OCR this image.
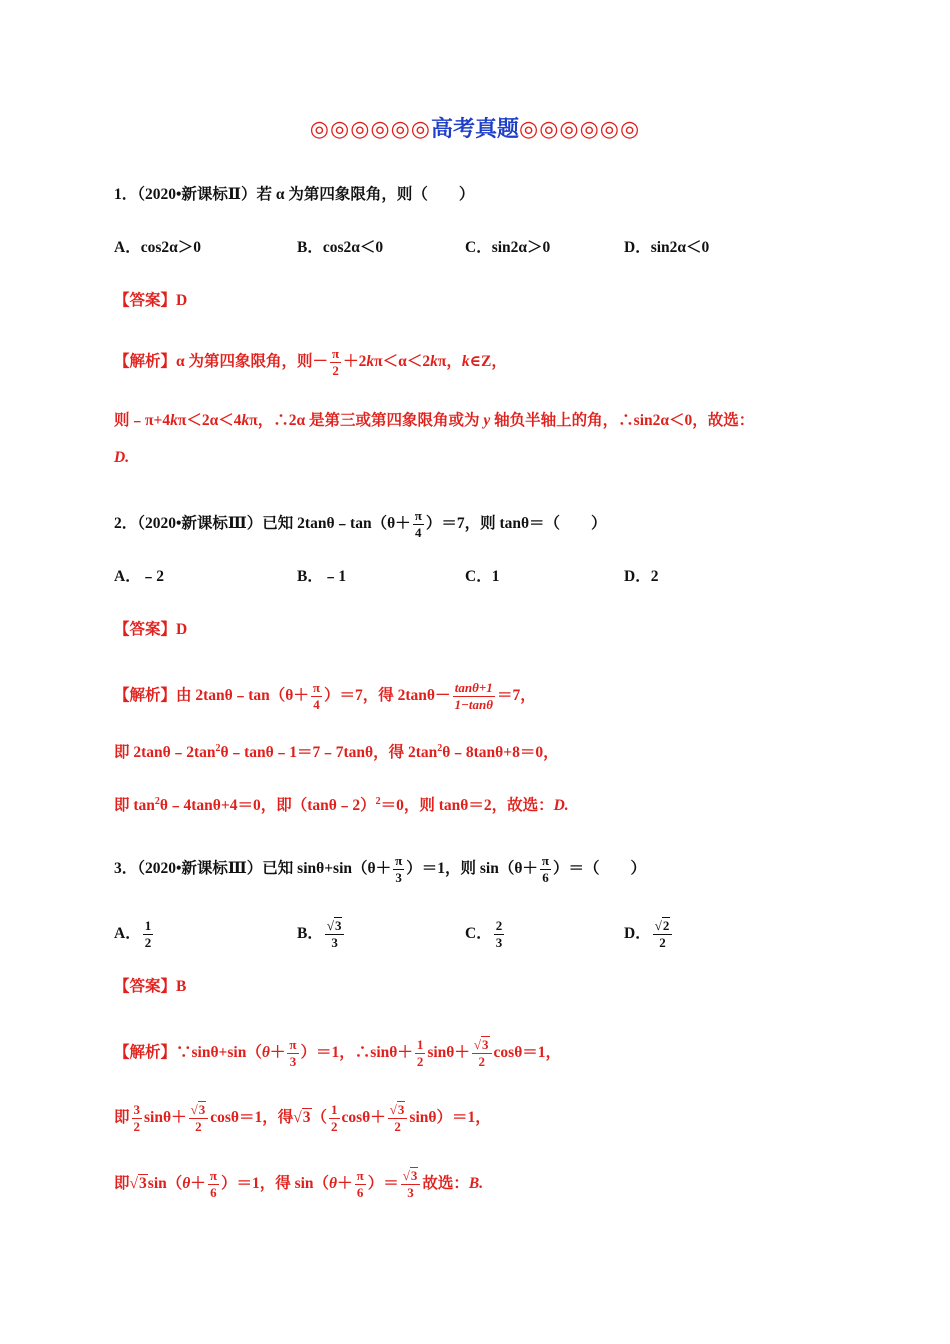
◎◎◎◎◎◎高考真题◎◎◎◎◎◎
1．（2020•新课标Ⅱ）若 α 为第四象限角，则（　　）
A．cos2α＞0	B．cos2α＜0	C．sin2α＞0	D．sin2α＜0
【答案】D
【解析】α 为第四象限角，则－ $\frac{\pi}{2} +2k\pi<\alpha<2k\pi$，k∈Z，
则﹣π+4kπ＜2α＜4kπ，∴2α 是第三或第四象限角或为 y 轴负半轴上的角，∴sin2α＜0，故选：
D.
2．（2020•新课标Ⅲ）已知 2tanθ﹣tan（θ＋ $\frac{\pi}{4} )=7$，则 tanθ＝（　　）
A．﹣2	B．﹣1	C．1	D．2
【答案】D
【解析】由 2tanθ﹣tan（θ＋ $\frac{\pi}{4} )=7$，得 $2\tan\theta- \frac{\tan\theta+1}{1-\tan\theta} =7$，
即 $2\tan\theta﹣2\tan^2\theta﹣\tan\theta﹣1=7﹣7\tan\theta$，得 $2\tan^2\theta﹣8\tan\theta+8=0$，
即 $\tan^2\theta﹣4\tan\theta+4=0$，即（tanθ﹣2）$^2$＝0，则 tanθ＝2，故选：D.
3．（2020•新课标Ⅲ）已知 $\sin\theta+\sin(\theta+ \frac{\pi}{3} )=1$，则 $\sin(\theta+ \frac{\pi}{6}$ ）＝（　　）
A． $\frac{1}{2}$	B． $\frac{√3}{3}$	C． $\frac{2}{3}$	D． $\frac{√2}{2}$
【答案】B
【解析】∵sinθ+sin（θ＋ $\frac{\pi}{3} )=1$，∴sinθ＋ $\frac{1}{2} \sin\theta+ \frac{√3}{2} \cos\theta=1$，
即 $\frac{3}{2} \sin\theta+ \frac{√3}{2} \cos\theta=1$，得$√3( \frac{1}{2} \cos\theta+ \frac{√3}{2} \sin\theta)=1$，
即$√3\sin(\theta+ \frac{\pi}{6} )=1$，得 $\sin(\theta+ \frac{\pi}{6}$ ）＝ $\frac{√3}{3}$ 故选：B.
